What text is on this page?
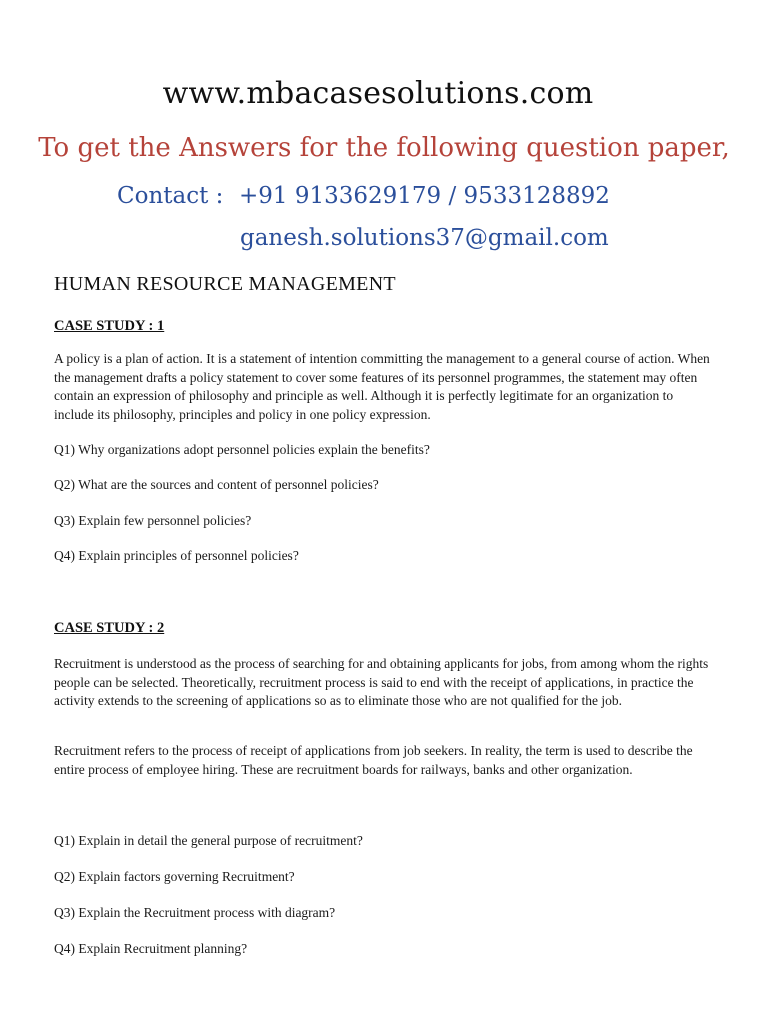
www.mbacasesolutions.com
To get the Answers for the following question paper,
Contact : +91 9133629179 / 9533128892
ganesh.solutions37@gmail.com
HUMAN RESOURCE MANAGEMENT
CASE STUDY : 1
A policy is a plan of action. It is a statement of intention committing the management to a general course of action. When the management drafts a policy statement to cover some features of its personnel programmes, the statement may often contain an expression of philosophy and principle as well. Although it is perfectly legitimate for an organization to include its philosophy, principles and policy in one policy expression.
Q1) Why organizations adopt personnel policies explain the benefits?
Q2) What are the sources and content of personnel policies?
Q3) Explain few personnel policies?
Q4) Explain principles of personnel policies?
CASE STUDY : 2
Recruitment is understood as the process of searching for and obtaining applicants for jobs, from among whom the rights people can be selected. Theoretically, recruitment process is said to end with the receipt of applications, in practice the activity extends to the screening of applications so as to eliminate those who are not qualified for the job.
Recruitment refers to the process of receipt of applications from job seekers. In reality, the term is used to describe the entire process of employee hiring. These are recruitment boards for railways, banks and other organization.
Q1) Explain in detail the general purpose of recruitment?
Q2) Explain factors governing Recruitment?
Q3) Explain the Recruitment process with diagram?
Q4) Explain Recruitment planning?
